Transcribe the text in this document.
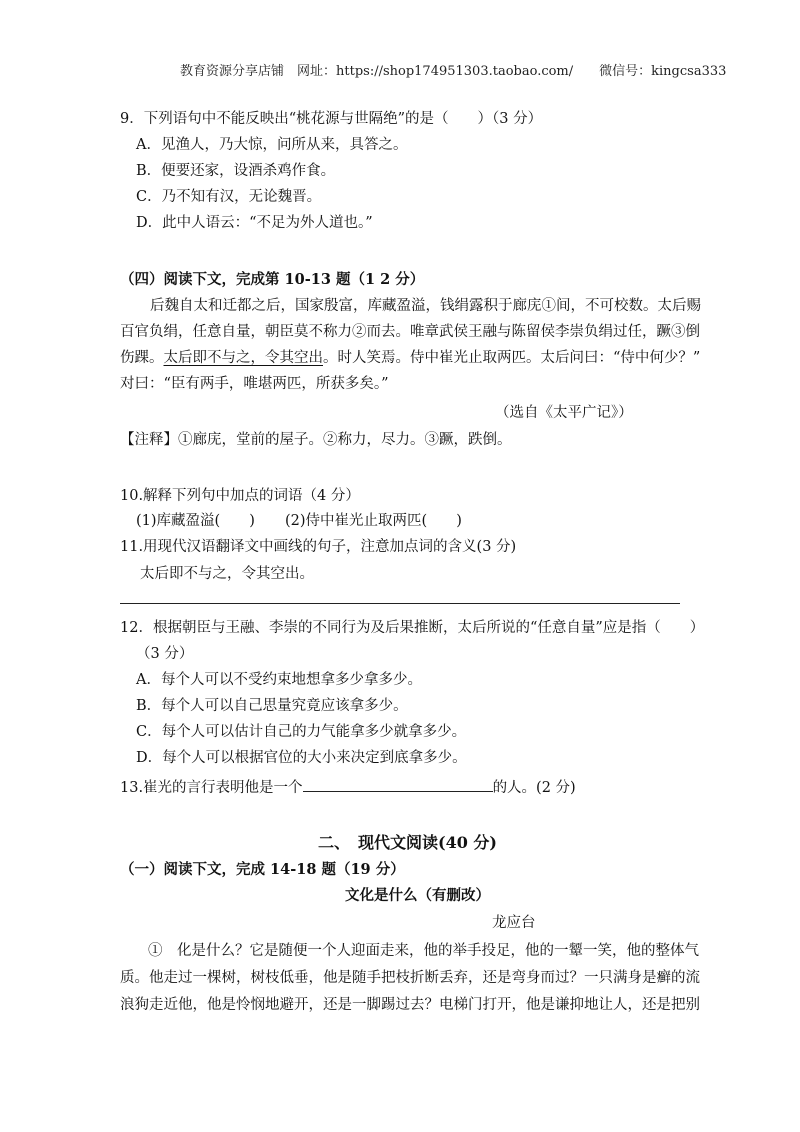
教育资源分享店铺　网址：https://shop174951303.taobao.com/　　微信号：kingcsa333
9．下列语句中不能反映出“桃花源与世隔绝”的是（　　）（3 分）
A．见渔人，乃大惊，问所从来，具答之。
B．便要还家，设酒杀鸡作食。
C．乃不知有汉，无论魏晋。
D．此中人语云：“不足为外人道也。”
（四）阅读下文，完成第 10-13 题（1 2 分）
后魏自太和迁都之后，国家殷富，库藏盈溢，钱绢露积于廊庑①间，不可校数。太后赐
百官负绢，任意自量，朝臣莫不称力②而去。唯章武侯王融与陈留侯李崇负绢过任，蹶③倒
伤踝。太后即不与之，令其空出。时人笑焉。侍中崔光止取两匹。太后问曰：“侍中何少？”
对曰：“臣有两手，唯堪两匹，所获多矣。”
（选自《太平广记》）
【注释】①廊庑，堂前的屋子。②称力，尽力。③蹶，跌倒。
10.解释下列句中加点的词语（4 分）
(1)库藏盈溢(　　) (2)侍中崔光止取两匹(　　)
11.用现代汉语翻译文中画线的句子，注意加点词的含义(3 分)
太后即不与之，令其空出。
12．根据朝臣与王融、李崇的不同行为及后果推断，太后所说的“任意自量”应是指（　　）
（3 分）
A．每个人可以不受约束地想拿多少拿多少。
B．每个人可以自己思量究竟应该拿多少。
C．每个人可以估计自己的力气能拿多少就拿多少。
D．每个人可以根据官位的大小来决定到底拿多少。
13.崔光的言行表明他是一个	的人。(2 分)
二、　现代文阅读(40 分)
（一）阅读下文，完成 14-18 题（19 分）
文化是什么（有删改）
龙应台
①　化是什么？它是随便一个人迎面走来，他的举手投足，他的一颦一笑，他的整体气
质。他走过一棵树，树枝低垂，他是随手把枝折断丢弃，还是弯身而过？一只满身是癣的流
浪狗走近他，他是怜悯地避开，还是一脚踢过去？电梯门打开，他是谦抑地让人，还是把别
